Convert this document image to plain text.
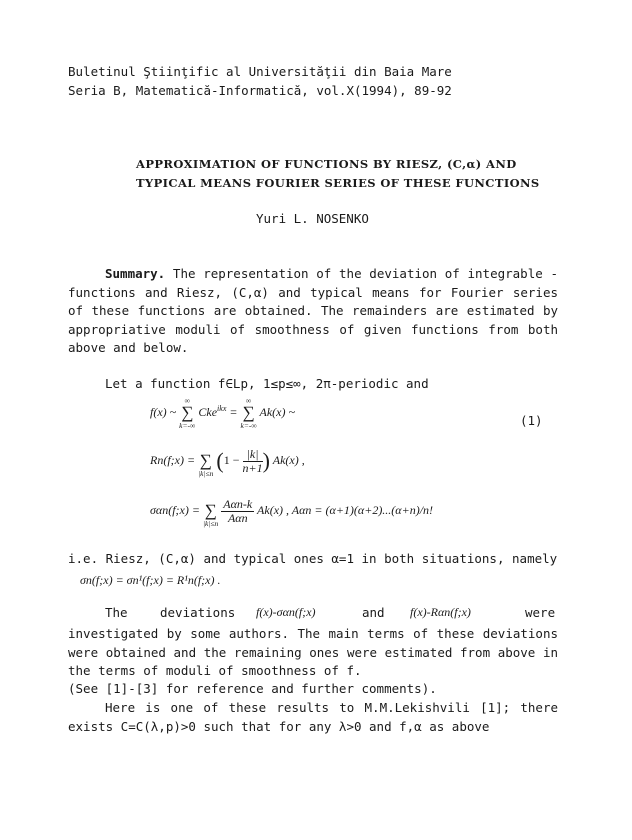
Buletinul Ştiinţific al Universităţii din Baia Mare
Seria B, Matematică-Informatică, vol.X(1994), 89-92
APPROXIMATION OF FUNCTIONS BY RIESZ, (C,α) AND
TYPICAL MEANS FOURIER SERIES OF THESE FUNCTIONS
Yuri L. NOSENKO
Summary. The representation of the deviation of integrable - functions and Riesz, (C,α) and typical means for Fourier series of these functions are obtained. The remainders are estimated by appropriative moduli of smoothness of given functions from both above and below.
Let a function f∈Lp, 1≤p≤∞, 2π-periodic and
f(x) ~
∞
∑
k=-∞
Cke$^{ikx}$ =
∞
∑
k=-∞
Ak(x) ~
(1)
Rn(f;x) =
∑
|k|≤n
($1 - \frac{|k|}{n+1}$ ) Ak(x) ,
σαn(f;x) =
∑
|k|≤n
$\frac{\text{Aαn-k}}{\text{Aαn}} Ak(x)$ , Aαn = (α+1)(α+2)...(α+n)/n!
i.e. Riesz, (C,α) and typical ones α=1 in both situations, namely
σn(f;x) = σn¹(f;x) = R¹n(f;x) .
The	deviations f(x)-σαn(f;x)	and f(x)-Rαn(f;x)	were
investigated by some authors. The main terms of these deviations were obtained and the remaining ones were estimated from above in the terms of moduli of smoothness of f.
(See [1]-[3] for reference and further comments).
Here is one of these results to M.M.Lekishvili [1]; there exists C=C(λ,p)>0 such that for any λ>0 and f,α as above
